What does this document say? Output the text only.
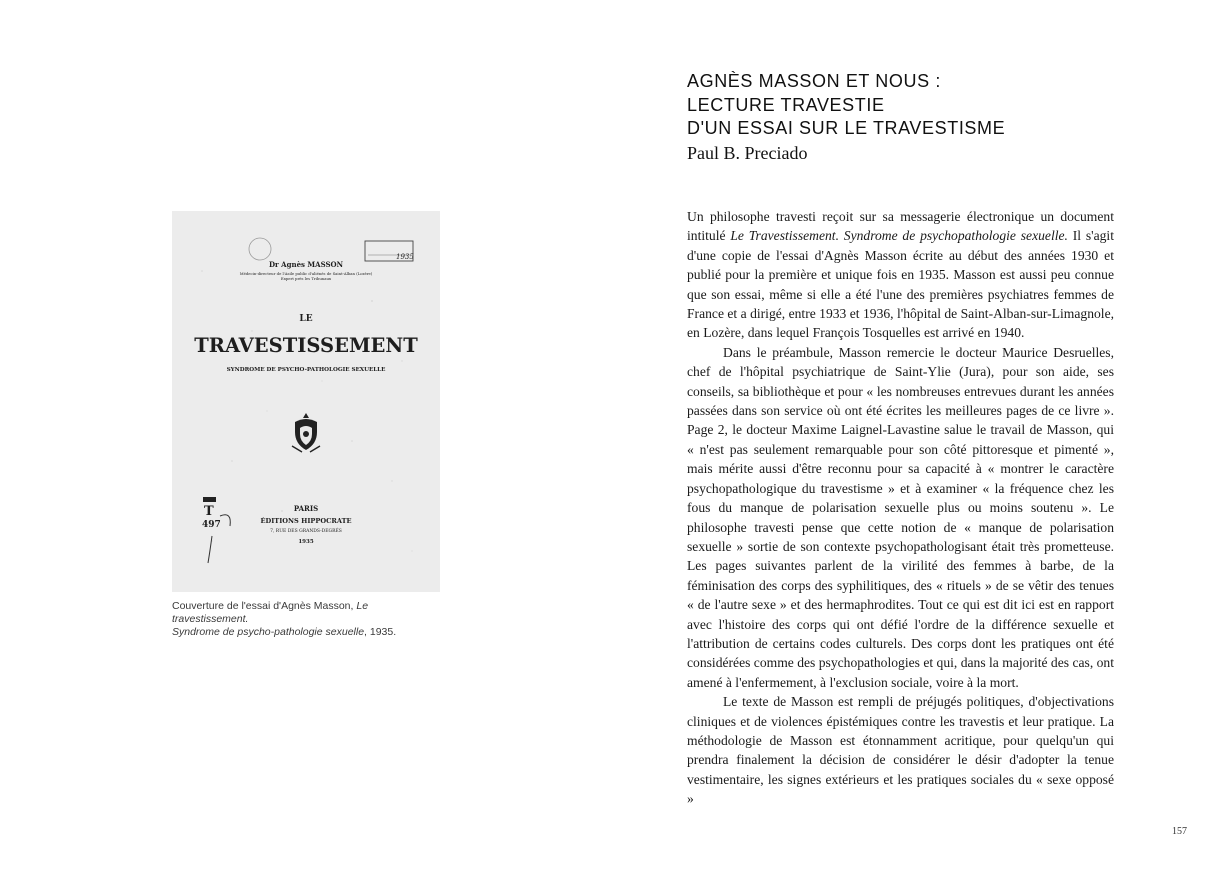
1935
Dr Agnès MASSON
Médecin-directeur de l'Asile public d'aliénés de Saint-Alban (Lozère)
Expert près les Tribunaux
LE
TRAVESTISSEMENT
SYNDROME DE PSYCHO-PATHOLOGIE SEXUELLE
T
497
PARIS
ÉDITIONS HIPPOCRATE
7, RUE DES GRANDS-DEGRÉS
1935
Couverture de l'essai d'Agnès Masson, Le travestissement.
Syndrome de psycho-pathologie sexuelle, 1935.
AGNÈS MASSON ET NOUS :
LECTURE TRAVESTIE
D'UN ESSAI SUR LE TRAVESTISME
Paul B. Preciado

Un philosophe travesti reçoit sur sa messagerie électronique un document intitulé Le Travestissement. Syndrome de psychopathologie sexuelle. Il s'agit d'une copie de l'essai d'Agnès Masson écrite au début des années 1930 et publié pour la première et unique fois en 1935. Masson est aussi peu connue que son essai, même si elle a été l'une des premières psychiatres femmes de France et a dirigé, entre 1933 et 1936, l'hôpital de Saint-Alban-sur-Limagnole, en Lozère, dans lequel François Tosquelles est arrivé en 1940.

Dans le préambule, Masson remercie le docteur Maurice Desruelles, chef de l'hôpital psychiatrique de Saint-Ylie (Jura), pour son aide, ses conseils, sa bibliothèque et pour « les nombreuses entrevues durant les années passées dans son service où ont été écrites les meilleures pages de ce livre ». Page 2, le docteur Maxime Laignel-Lavastine salue le travail de Masson, qui « n'est pas seulement remarquable pour son côté pittoresque et pimenté », mais mérite aussi d'être reconnu pour sa capacité à « montrer le caractère psychopathologique du travestisme » et à examiner « la fréquence chez les fous du manque de polarisation sexuelle plus ou moins soutenu ». Le philosophe travesti pense que cette notion de « manque de polarisation sexuelle » sortie de son contexte psychopathologisant était très prometteuse. Les pages suivantes parlent de la virilité des femmes à barbe, de la féminisation des corps des syphilitiques, des « rituels » de se vêtir des tenues « de l'autre sexe » et des hermaphrodites. Tout ce qui est dit ici est en rapport avec l'histoire des corps qui ont défié l'ordre de la différence sexuelle et l'attribution de certains codes culturels. Des corps dont les pratiques ont été considérées comme des psychopathologies et qui, dans la majorité des cas, ont amené à l'enfermement, à l'exclusion sociale, voire à la mort.

Le texte de Masson est rempli de préjugés politiques, d'objectivations cliniques et de violences épistémiques contre les travestis et leur pratique. La méthodologie de Masson est étonnamment acritique, pour quelqu'un qui prendra finalement la décision de considérer le désir d'adopter la tenue vestimentaire, les signes extérieurs et les pratiques sociales du « sexe opposé »

157
